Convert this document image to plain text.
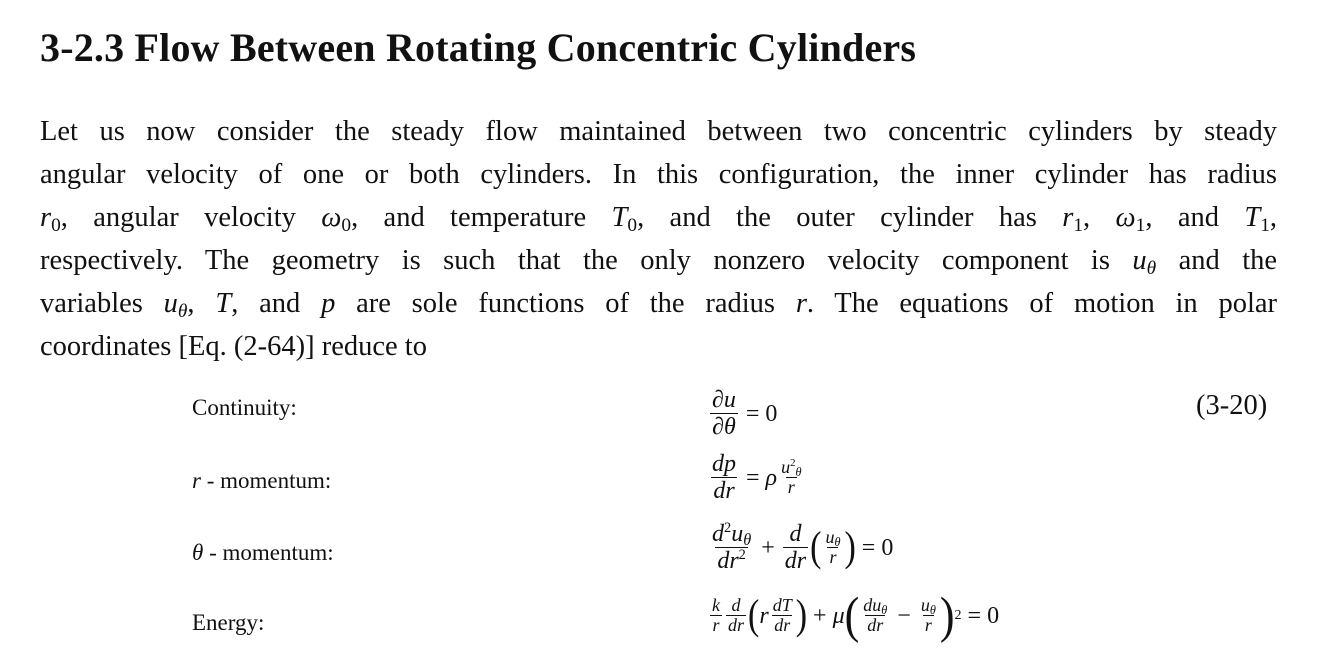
3-2.3 Flow Between Rotating Concentric Cylinders
Let us now consider the steady flow maintained between two concentric cylinders by steady
angular velocity of one or both cylinders. In this configuration, the inner cylinder has radius
$r_0$, angular velocity $\omega_0$, and temperature $T_0$, and the outer cylinder has $r_1$, $\omega_1$, and $T_1$,
respectively. The geometry is such that the only nonzero velocity component is $u_\theta$ and the
variables $u_\theta$, T, and p are sole functions of the radius r. The equations of motion in polar
coordinates [Eq. (2-64)] reduce to
Continuity:	$\frac{\partial u}{\partial\theta} = 0$	(3-20)
r - momentum:	$\frac{dp}{dr} = \rho \frac{u^2_\theta}{r}$
θ - momentum:	$\frac{d^2u_\theta}{dr^2} + \frac{d}{dr}$ ( $\frac{u_\theta}{r}$ ) = 0
Energy:	$\frac{k}{r} \frac{d}{dr}$ ( r $\frac{dT}{dr}$ ) + μ ( $\frac{du_\theta}{dr} - \frac{u_\theta}{r}$ ) 2 = 0
